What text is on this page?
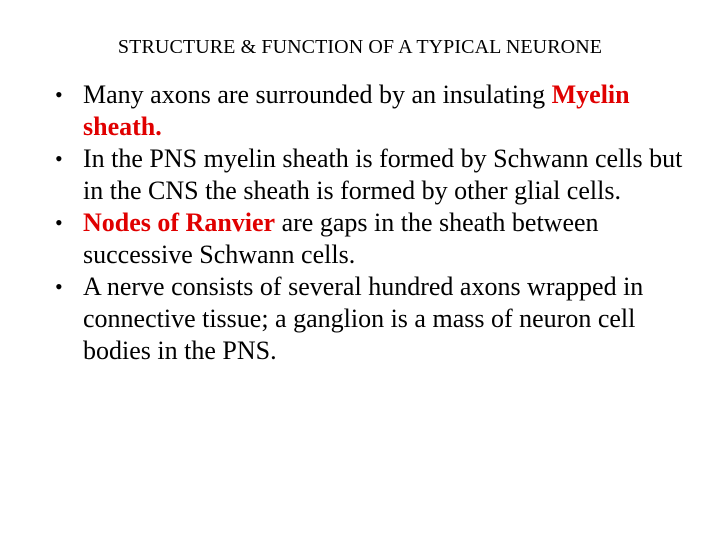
STRUCTURE & FUNCTION OF A TYPICAL NEURONE
• Many axons are surrounded by an insulating Myelin sheath.
• In the PNS myelin sheath is formed by Schwann cells but in the CNS the sheath is formed by other glial cells.
• Nodes of Ranvier are gaps in the sheath between successive Schwann cells.
• A nerve consists of several hundred axons wrapped in connective tissue; a ganglion is a mass of neuron cell bodies in the PNS.
